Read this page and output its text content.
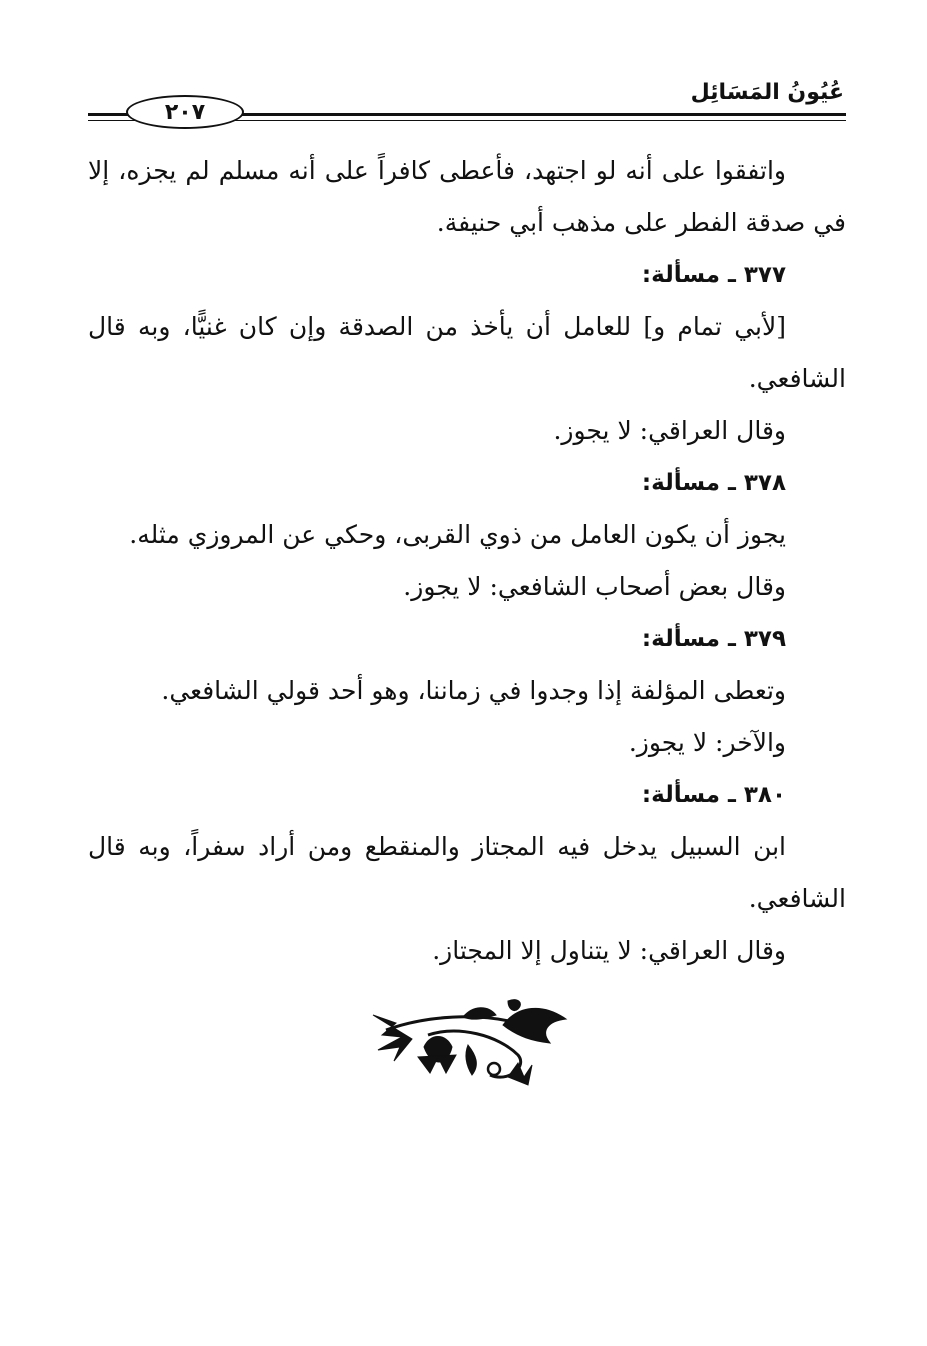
٢٠٧
عُيُونُ المَسَائِل

واتفقوا على أنه لو اجتهد، فأعطى كافراً على أنه مسلم لم يجزه، إلا في صدقة الفطر على مذهب أبي حنيفة.

٣٧٧ ـ مسألة:

[لأبي تمام و] للعامل أن يأخذ من الصدقة وإن كان غنيًّا، وبه قال الشافعي.

وقال العراقي: لا يجوز.

٣٧٨ ـ مسألة:

يجوز أن يكون العامل من ذوي القربى، وحكي عن المروزي مثله.

وقال بعض أصحاب الشافعي: لا يجوز.

٣٧٩ ـ مسألة:

وتعطى المؤلفة إذا وجدوا في زماننا، وهو أحد قولي الشافعي.

والآخر: لا يجوز.

٣٨٠ ـ مسألة:

ابن السبيل يدخل فيه المجتاز والمنقطع ومن أراد سفراً، وبه قال الشافعي.

وقال العراقي: لا يتناول إلا المجتاز.
